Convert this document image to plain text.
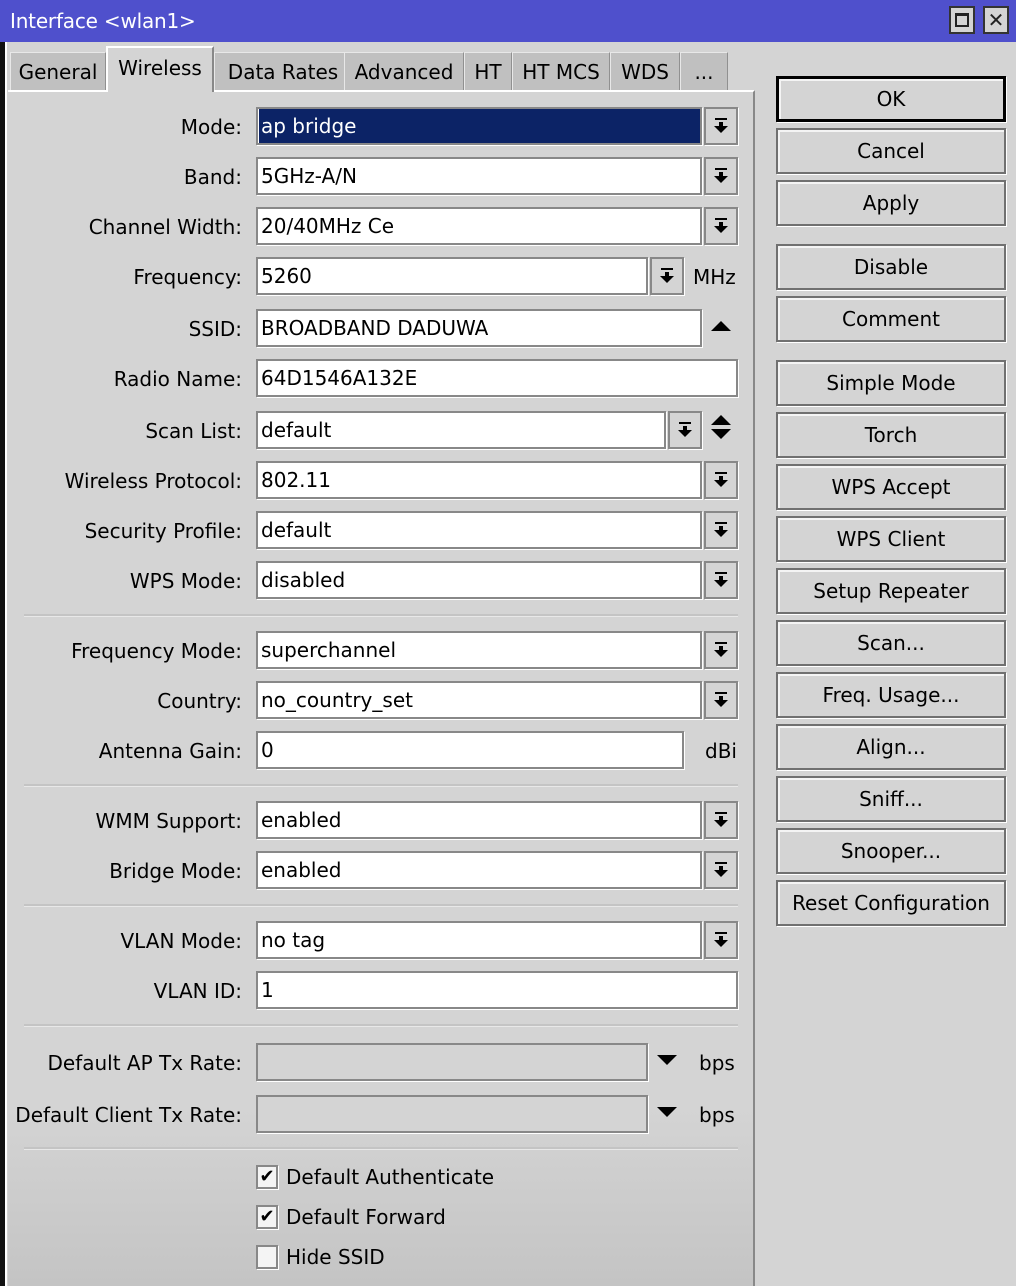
Interface <wlan1>	✕
General	Wireless	Data Rates Advanced	HT	HT MCS	WDS	...
Mode: ap bridge
Band: 5GHz-A/N
Channel Width: 20/40MHz Ce
Frequency: 5260	MHz
SSID: BROADBAND DADUWA
Radio Name: 64D1546A132E
Scan List: default
Wireless Protocol: 802.11
Security Profile: default
WPS Mode: disabled
Frequency Mode: superchannel
Country: no_country_set
Antenna Gain: 0	dBi
WMM Support: enabled
Bridge Mode: enabled
VLAN Mode: no tag
VLAN ID: 1
Default AP Tx Rate:	bps
Default Client Tx Rate:	bps
✔ Default Authenticate
✔ Default Forward
Hide SSID
OK
Cancel
Apply
Disable
Comment
Simple Mode
Torch
WPS Accept
WPS Client
Setup Repeater
Scan...
Freq. Usage...
Align...
Sniff...
Snooper...
Reset Configuration
